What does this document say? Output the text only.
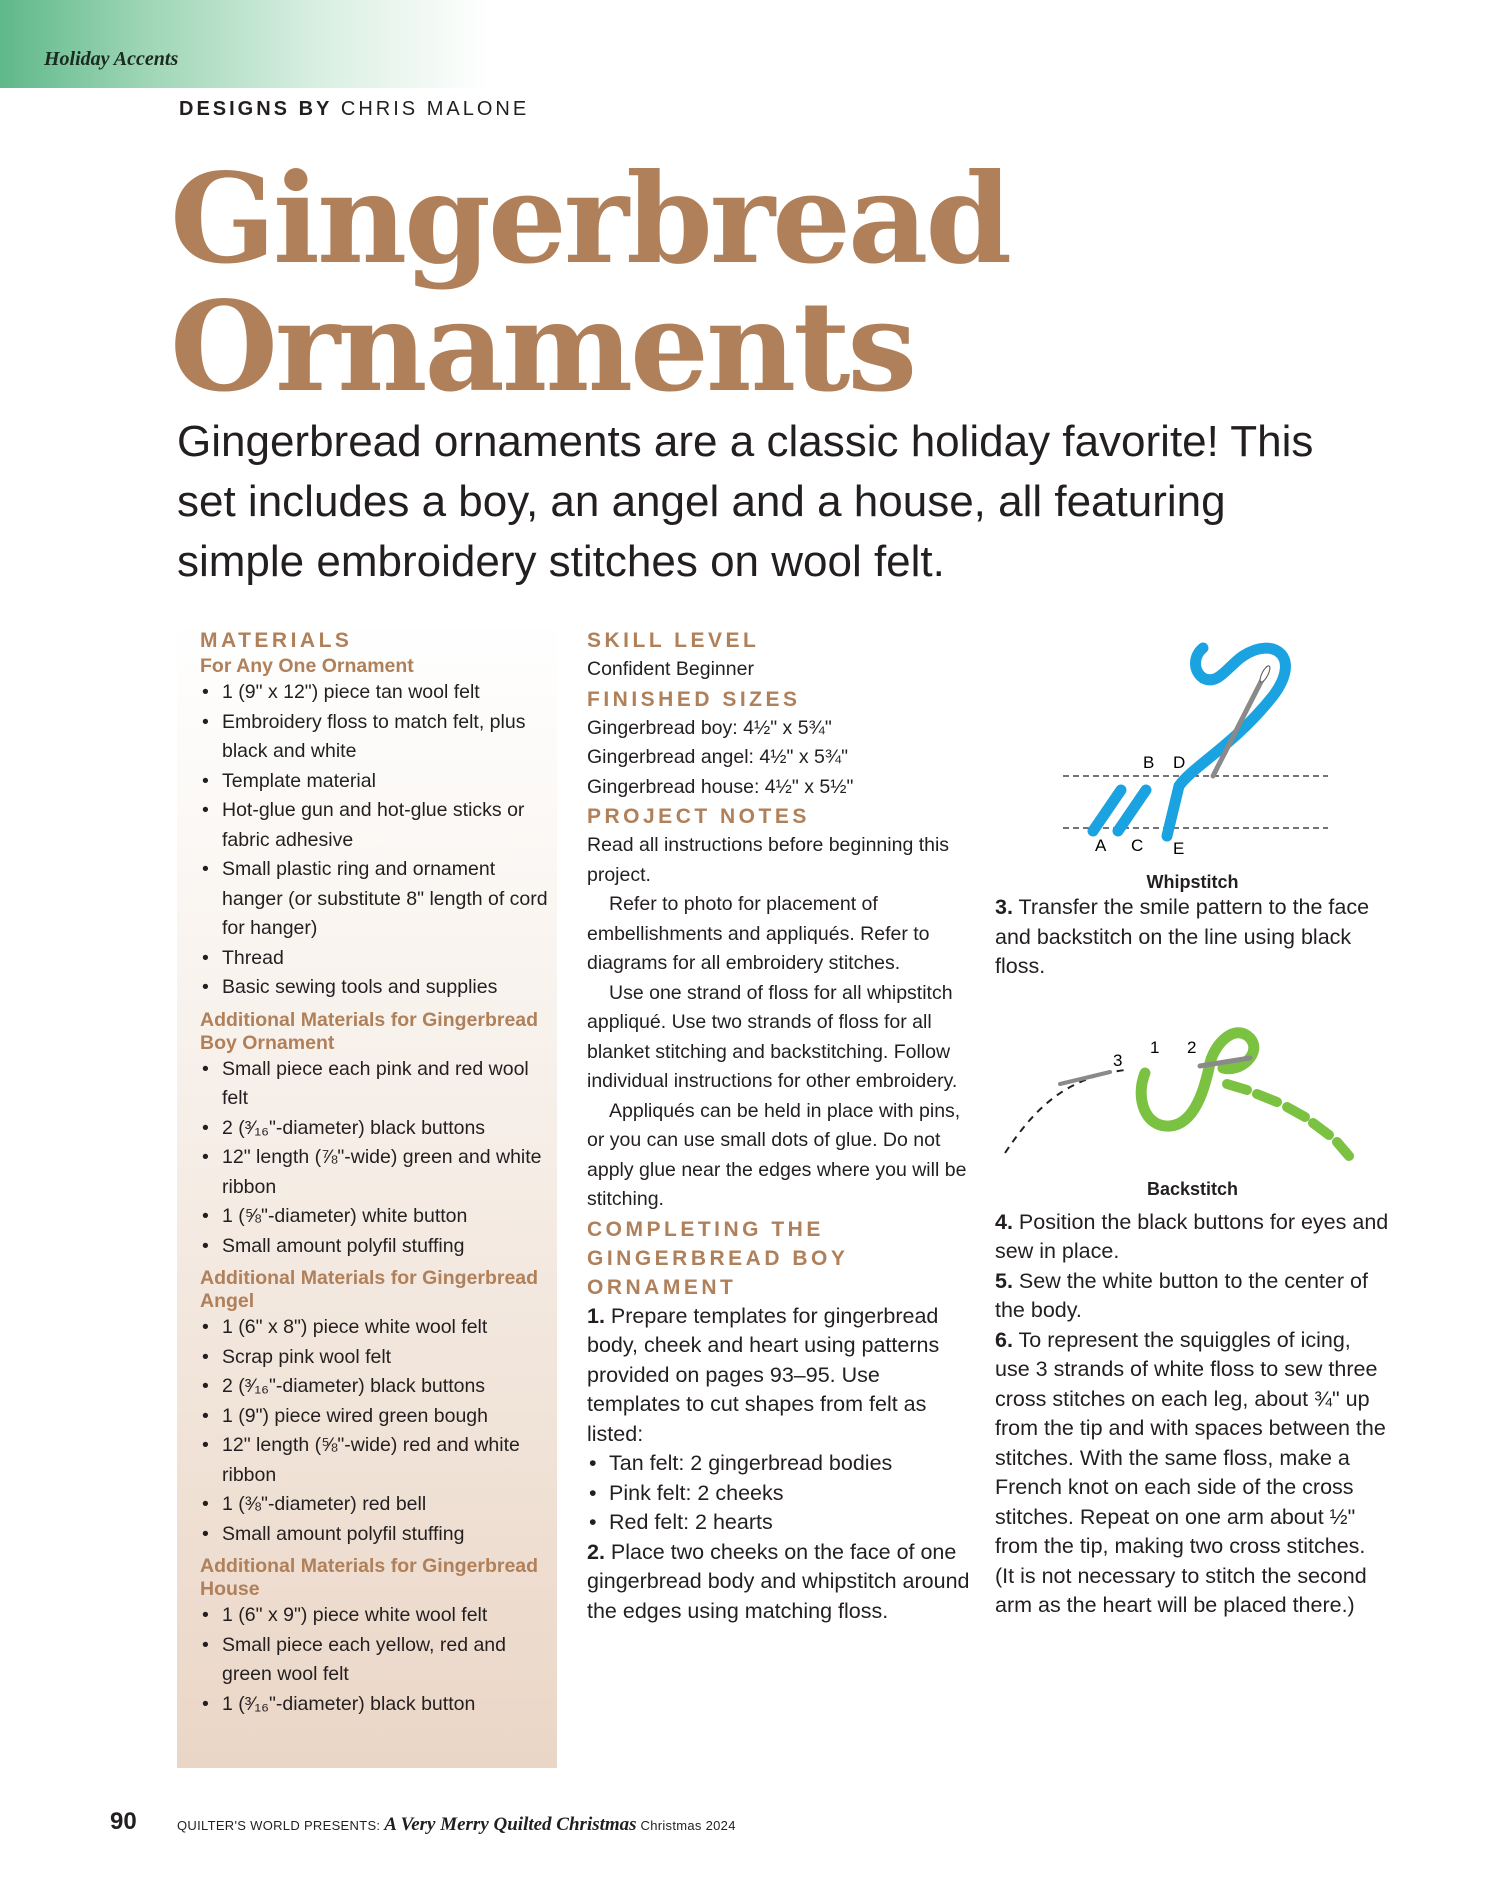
Holiday Accents
DESIGNS BY CHRIS MALONE
Gingerbread
Ornaments

Gingerbread ornaments are a classic holiday favorite! This set includes a boy, an angel and a house, all featuring simple embroidery stitches on wool felt.

MATERIALS
For Any One Ornament
• 1 (9" x 12") piece tan wool felt
• Embroidery floss to match felt, plus black and white
• Template material
• Hot-glue gun and hot-glue sticks or fabric adhesive
• Small plastic ring and ornament hanger (or substitute 8" length of cord for hanger)
• Thread
• Basic sewing tools and supplies
Additional Materials for Gingerbread Boy Ornament
• Small piece each pink and red wool felt
• 2 (³⁄₁₆"-diameter) black buttons
• 12" length (⅞"-wide) green and white ribbon
• 1 (⅝"-diameter) white button
• Small amount polyfil stuffing
Additional Materials for Gingerbread Angel
• 1 (6" x 8") piece white wool felt
• Scrap pink wool felt
• 2 (³⁄₁₆"-diameter) black buttons
• 1 (9") piece wired green bough
• 12" length (⅝"-wide) red and white ribbon
• 1 (⅜"-diameter) red bell
• Small amount polyfil stuffing
Additional Materials for Gingerbread House
• 1 (6" x 9") piece white wool felt
• Small piece each yellow, red and green wool felt
• 1 (³⁄₁₆"-diameter) black button
SKILL LEVEL

Confident Beginner

FINISHED SIZES

Gingerbread boy: 4½" x 5¾"

Gingerbread angel: 4½" x 5¾"

Gingerbread house: 4½" x 5½"

PROJECT NOTES

Read all instructions before beginning this project.

Refer to photo for placement of embellishments and appliqués. Refer to diagrams for all embroidery stitches.

Use one strand of floss for all whipstitch appliqué. Use two strands of floss for all blanket stitching and backstitching. Follow individual instructions for other embroidery.

Appliqués can be held in place with pins, or you can use small dots of glue. Do not apply glue near the edges where you will be stitching.

COMPLETING THE GINGERBREAD BOY ORNAMENT

1. Prepare templates for gingerbread body, cheek and heart using patterns provided on pages 93–95. Use templates to cut shapes from felt as listed:

• Tan felt: 2 gingerbread bodies
• Pink felt: 2 cheeks
• Red felt: 2 hearts

2. Place two cheeks on the face of one gingerbread body and whipstitch around the edges using matching floss.

A
B
C
D
E
Whipstitch

3. Transfer the smile pattern to the face and backstitch on the line using black floss.

1 2
3
Backstitch

4. Position the black buttons for eyes and sew in place.

5. Sew the white button to the center of the body.

6. To represent the squiggles of icing, use 3 strands of white floss to sew three cross stitches on each leg, about ¾" up from the tip and with spaces between the stitches. With the same floss, make a French knot on each side of the cross stitches. Repeat on one arm about ½" from the tip, making two cross stitches. (It is not necessary to stitch the second arm as the heart will be placed there.)

90	QUILTER'S WORLD PRESENTS: A Very Merry Quilted Christmas Christmas 2024
